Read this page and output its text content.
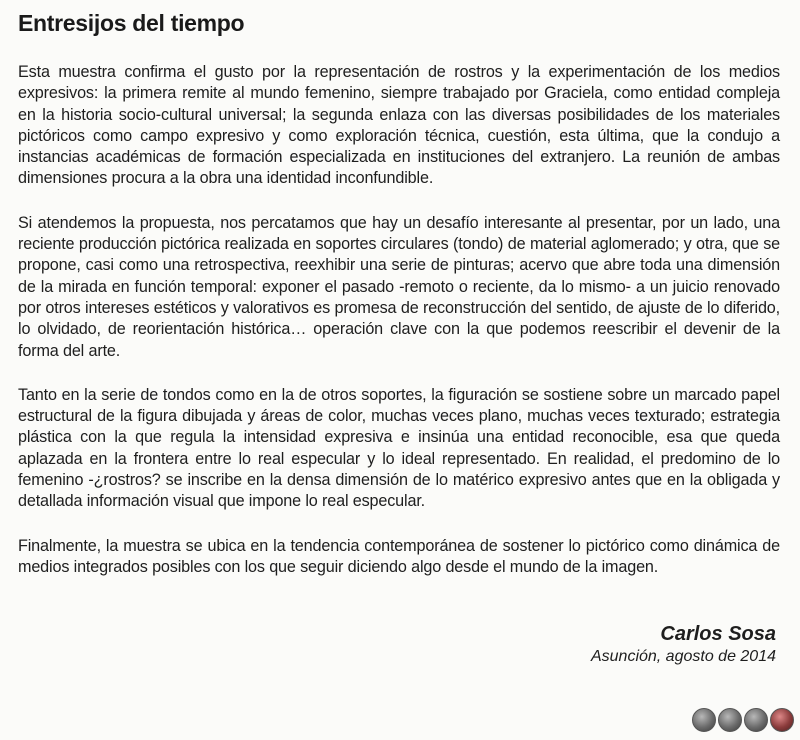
Entresijos del tiempo

Esta muestra confirma el gusto por la representación de rostros y la experimentación de los medios expresivos: la primera remite al mundo femenino, siempre trabajado por Graciela, como entidad compleja en la historia socio-cultural universal; la segunda enlaza con las diversas posibilidades de los materiales pictóricos como campo expresivo y como exploración técnica, cuestión, esta última, que la condujo a instancias académicas de formación especializada en instituciones del extranjero. La reunión de ambas dimensiones procura a la obra una identidad inconfundible.

Si atendemos la propuesta, nos percatamos que hay un desafío interesante al presentar, por un lado, una reciente producción pictórica realizada en soportes circulares (tondo) de material aglomerado; y otra, que se propone, casi como una retrospectiva, reexhibir una serie de pinturas; acervo que abre toda una dimensión de la mirada en función temporal: exponer el pasado -remoto o reciente, da lo mismo- a un juicio renovado por otros intereses estéticos y valorativos es promesa de reconstrucción del sentido, de ajuste de lo diferido, lo olvidado, de reorientación histórica… operación clave con la que podemos reescribir el devenir de la forma del arte.

Tanto en la serie de tondos como en la de otros soportes, la figuración se sostiene sobre un marcado papel estructural de la figura dibujada y áreas de color, muchas veces plano, muchas veces texturado; estrategia plástica con la que regula la intensidad expresiva e insinúa una entidad reconocible, esa que queda aplazada en la frontera entre lo real especular y lo ideal representado. En realidad, el predomino de lo femenino -¿rostros? se inscribe en la densa dimensión de lo matérico expresivo antes que en la obligada y detallada información visual que impone lo real especular.

Finalmente, la muestra se ubica en la tendencia contemporánea de sostener lo pictórico como dinámica de medios integrados posibles con los que seguir diciendo algo desde el mundo de la imagen.

Carlos Sosa
Asunción, agosto de 2014
